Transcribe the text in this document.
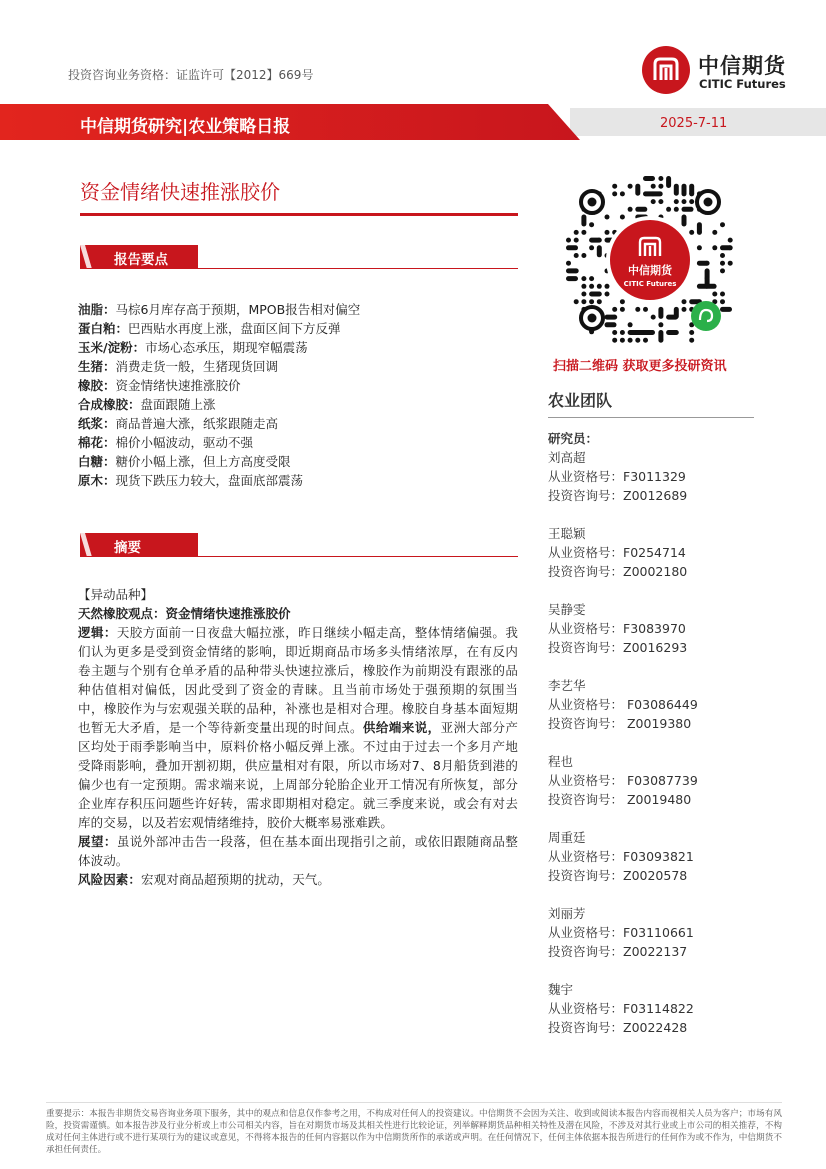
投资咨询业务资格：证监许可【2012】669号	中信期货
CITIC Futures
中信期货研究|农业策略日报	2025-7-11
资金情绪快速推涨胶价
报告要点
油脂：马棕6月库存高于预期，MPOB报告相对偏空
蛋白粕：巴西贴水再度上涨，盘面区间下方反弹
玉米/淀粉：市场心态承压，期现窄幅震荡
生猪：消费走货一般，生猪现货回调
橡胶：资金情绪快速推涨胶价
合成橡胶：盘面跟随上涨
纸浆：商品普遍大涨，纸浆跟随走高
棉花：棉价小幅波动，驱动不强
白糖：糖价小幅上涨，但上方高度受限
原木：现货下跌压力较大，盘面底部震荡
摘要
【异动品种】
天然橡胶观点：资金情绪快速推涨胶价
逻辑：天胶方面前一日夜盘大幅拉涨，昨日继续小幅走高，整体情绪偏强。我们认为更多是受到资金情绪的影响，即近期商品市场多头情绪浓厚，在有反内卷主题与个别有仓单矛盾的品种带头快速拉涨后，橡胶作为前期没有跟涨的品种估值相对偏低，因此受到了资金的青睐。且当前市场处于强预期的氛围当中，橡胶作为与宏观强关联的品种，补涨也是相对合理。橡胶自身基本面短期也暂无大矛盾，是一个等待新变量出现的时间点。供给端来说，亚洲大部分产区均处于雨季影响当中，原料价格小幅反弹上涨。不过由于过去一个多月产地受降雨影响，叠加开割初期，供应量相对有限，所以市场对7、8月船货到港的偏少也有一定预期。需求端来说，上周部分轮胎企业开工情况有所恢复，部分企业库存积压问题些许好转，需求即期相对稳定。就三季度来说，或会有对去库的交易，以及若宏观情绪维持，胶价大概率易涨难跌。
展望：虽说外部冲击告一段落，但在基本面出现指引之前，或依旧跟随商品整体波动。
风险因素：宏观对商品超预期的扰动，天气。
中信期货
CITIC Futures
扫描二维码 获取更多投研资讯
农业团队
研究员：
刘高超
从业资格号：F3011329
投资咨询号：Z0012689
王聪颖
从业资格号：F0254714
投资咨询号：Z0002180
吴静雯
从业资格号：F3083970
投资咨询号：Z0016293
李艺华
从业资格号： F03086449
投资咨询号： Z0019380
程也
从业资格号： F03087739
投资咨询号： Z0019480
周重廷
从业资格号：F03093821
投资咨询号：Z0020578
刘丽芳
从业资格号：F03110661
投资咨询号：Z0022137
魏宇
从业资格号：F03114822
投资咨询号：Z0022428
重要提示：本报告非期货交易咨询业务项下服务，其中的观点和信息仅作参考之用，不构成对任何人的投资建议。中信期货不会因为关注、收到或阅读本报告内容而视相关人员为客户；市场有风险，投资需谨慎。如本报告涉及行业分析或上市公司相关内容，旨在对期货市场及其相关性进行比较论证，列举解释期货品种相关特性及潜在风险，不涉及对其行业或上市公司的相关推荐，不构成对任何主体进行或不进行某项行为的建议或意见，不得将本报告的任何内容据以作为中信期货所作的承诺或声明。在任何情况下，任何主体依据本报告所进行的任何作为或不作为，中信期货不承担任何责任。
